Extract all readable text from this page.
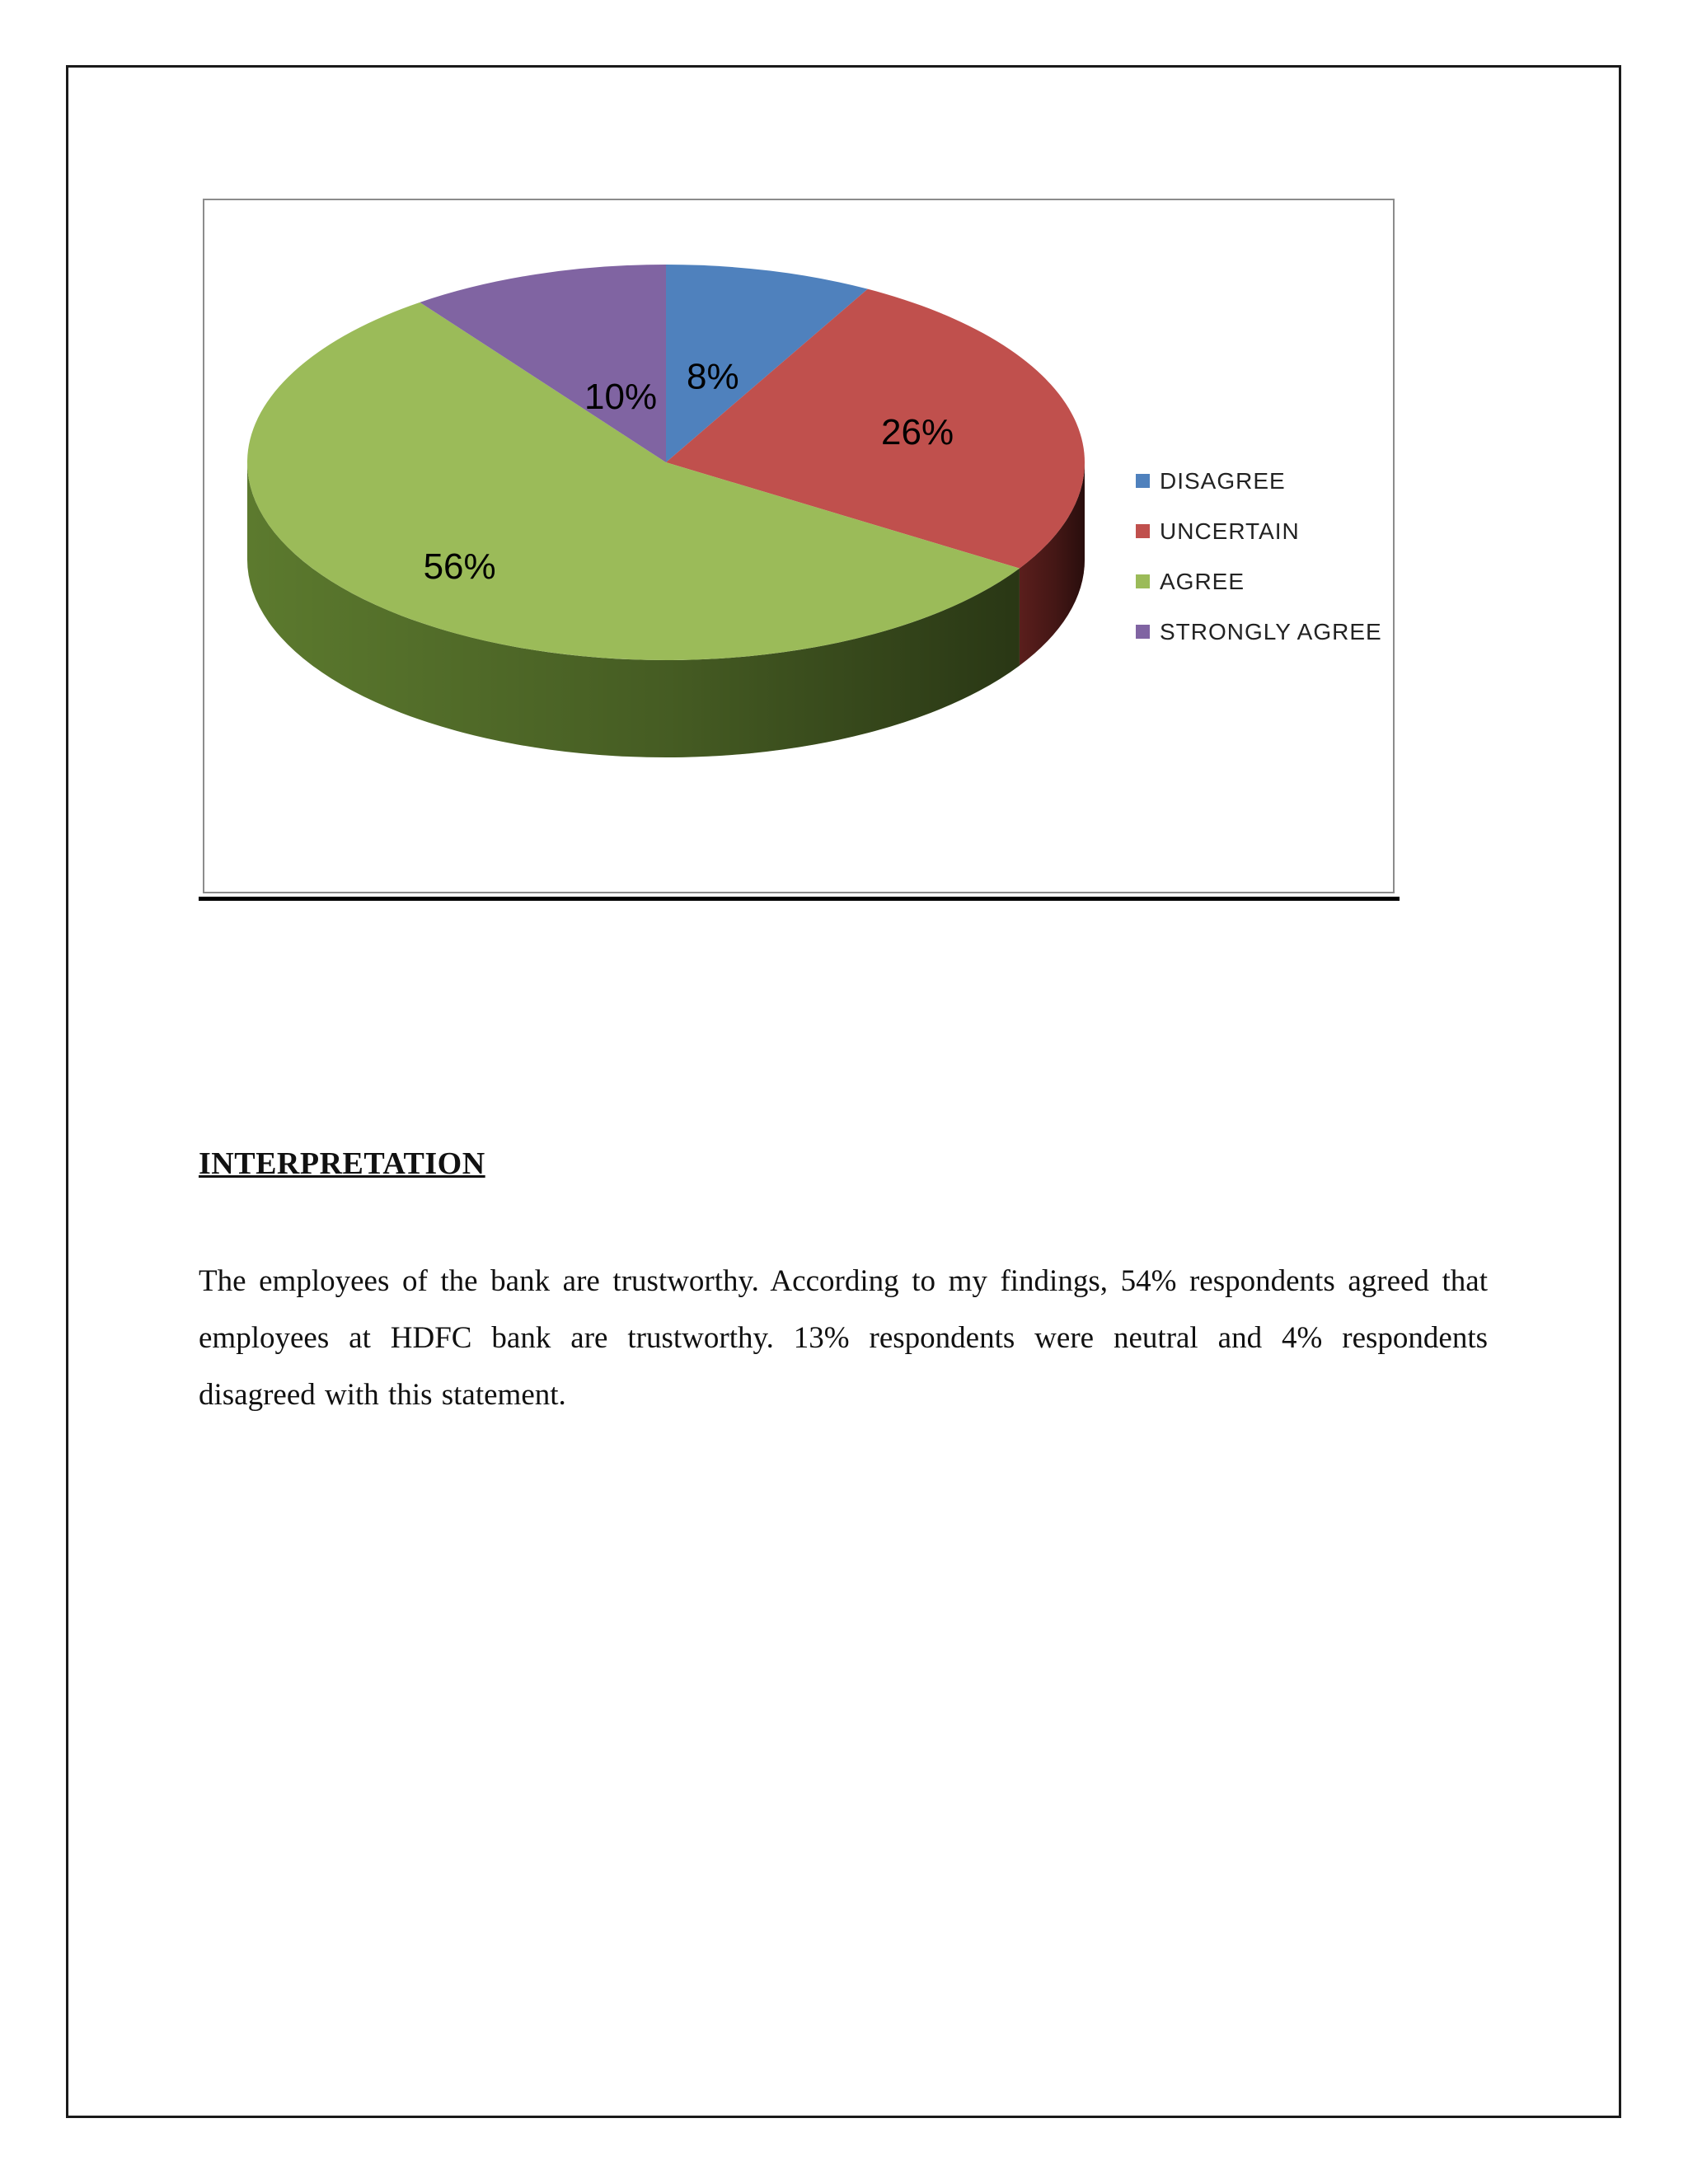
8%
26%
56%
10%
DISAGREE
UNCERTAIN
AGREE
STRONGLY AGREE
INTERPRETATION
The employees of the bank are trustworthy. According to my findings, 54% respondents agreed that employees at HDFC bank are trustworthy. 13% respondents were neutral and 4% respondents disagreed with this statement.
